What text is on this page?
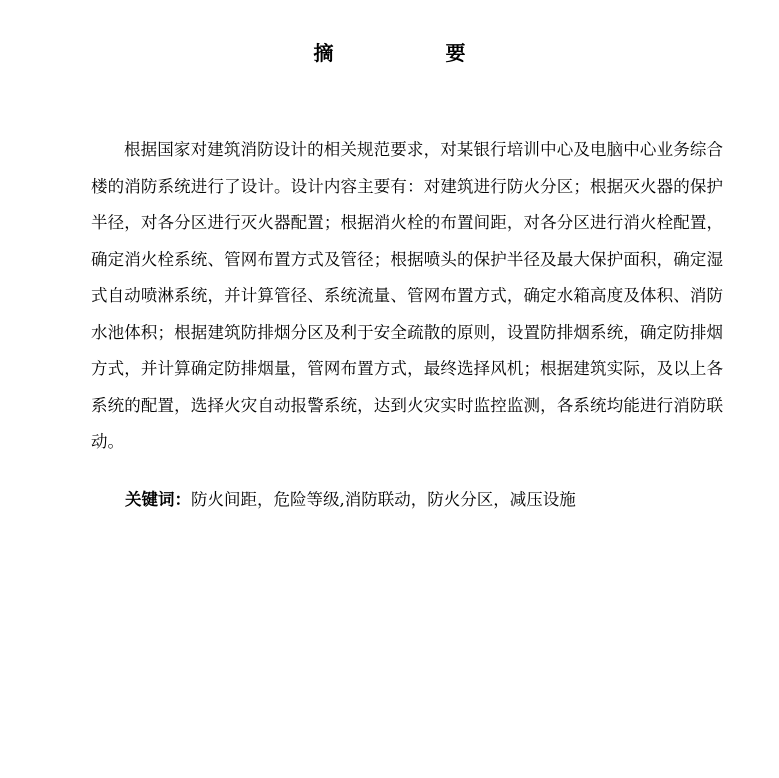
摘　要

根据国家对建筑消防设计的相关规范要求，对某银行培训中心及电脑中心业务综合楼的消防系统进行了设计。设计内容主要有：对建筑进行防火分区；根据灭火器的保护半径，对各分区进行灭火器配置；根据消火栓的布置间距，对各分区进行消火栓配置，确定消火栓系统、管网布置方式及管径；根据喷头的保护半径及最大保护面积，确定湿式自动喷淋系统，并计算管径、系统流量、管网布置方式，确定水箱高度及体积、消防水池体积；根据建筑防排烟分区及利于安全疏散的原则，设置防排烟系统，确定防排烟方式，并计算确定防排烟量，管网布置方式，最终选择风机；根据建筑实际，及以上各系统的配置，选择火灾自动报警系统，达到火灾实时监控监测，各系统均能进行消防联动。

关键词：防火间距，危险等级,消防联动，防火分区，减压设施
